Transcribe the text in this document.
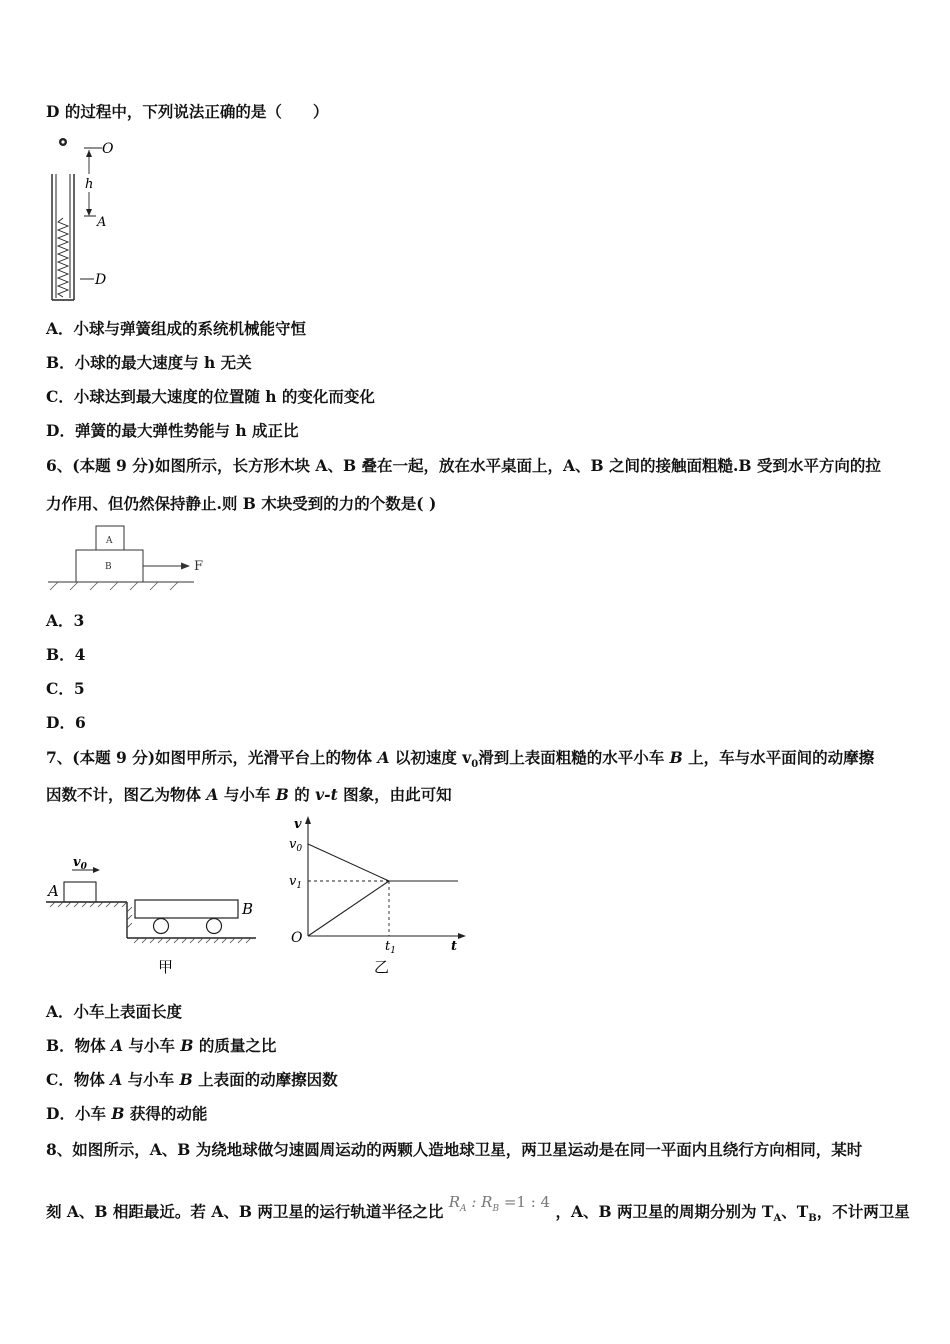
D 的过程中，下列说法正确的是（　　）
O
h
A
D
A．小球与弹簧组成的系统机械能守恒
B．小球的最大速度与 h 无关
C．小球达到最大速度的位置随 h 的变化而变化
D．弹簧的最大弹性势能与 h 成正比
6、(本题 9 分)如图所示，长方形木块 A、B 叠在一起，放在水平桌面上，A、B 之间的接触面粗糙.B 受到水平方向的拉
力作用、但仍然保持静止.则 B 木块受到的力的个数是( )
A
B	F
A．3
B．4
C．5
D．6
7、(本题 9 分)如图甲所示，光滑平台上的物体 A 以初速度 $v_0$滑到上表面粗糙的水平小车 B 上，车与水平面间的动摩擦
因数不计，图乙为物体 A 与小车 B 的 v-t 图象，由此可知
$v_0$
A
B
甲
v
$v_0$
$v_1$
O
$t_1$	t
乙
A．小车上表面长度
B．物体 A 与小车 B 的质量之比
C．物体 A 与小车 B 上表面的动摩擦因数
D．小车 B 获得的动能
8、如图所示，A、B 为绕地球做匀速圆周运动的两颗人造地球卫星，两卫星运动是在同一平面内且绕行方向相同，某时
刻 A、B 相距最近。若 A、B 两卫星的运行轨道半径之比 $R_A$ : $R_B =1$ : 4 ，A、B 两卫星的周期分别为 $T_A$、$T_B$，不计两卫星
